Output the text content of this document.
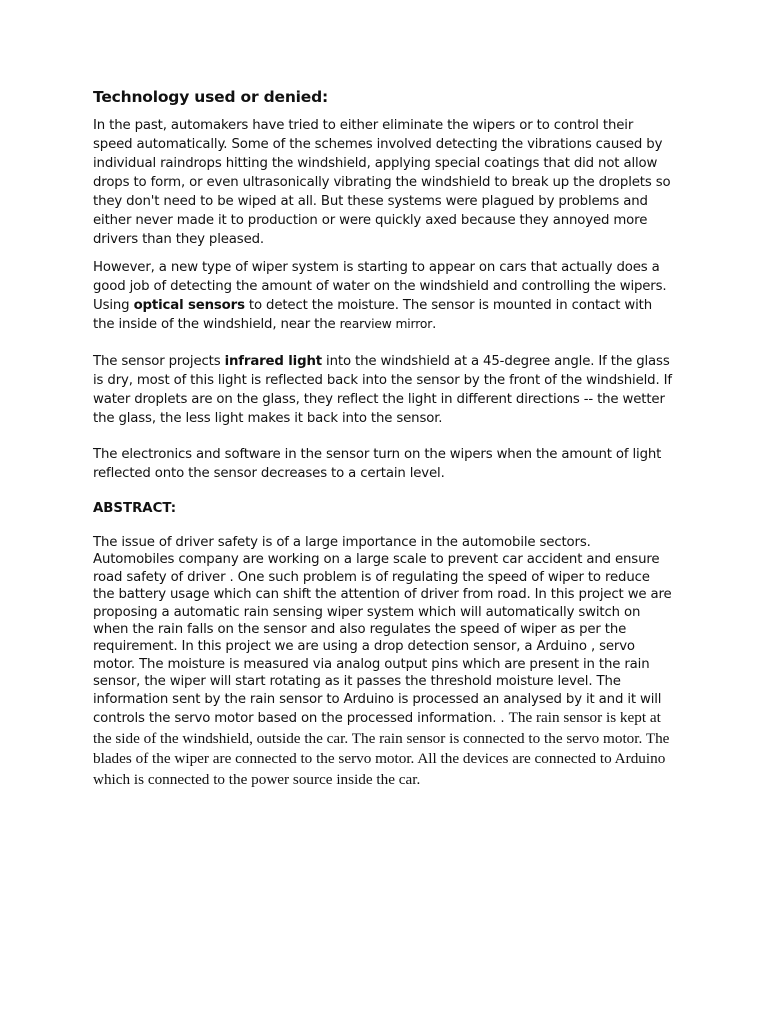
Technology used or denied:

In the past, automakers have tried to either eliminate the wipers or to control their speed automatically. Some of the schemes involved detecting the vibrations caused by individual raindrops hitting the windshield, applying special coatings that did not allow drops to form, or even ultrasonically vibrating the windshield to break up the droplets so they don't need to be wiped at all. But these systems were plagued by problems and either never made it to production or were quickly axed because they annoyed more drivers than they pleased.

However, a new type of wiper system is starting to appear on cars that actually does a good job of detecting the amount of water on the windshield and controlling the wipers. Using optical sensors to detect the moisture. The sensor is mounted in contact with the inside of the windshield, near the rearview mirror.

The sensor projects infrared light into the windshield at a 45-degree angle. If the glass is dry, most of this light is reflected back into the sensor by the front of the windshield. If water droplets are on the glass, they reflect the light in different directions -- the wetter the glass, the less light makes it back into the sensor.

The electronics and software in the sensor turn on the wipers when the amount of light reflected onto the sensor decreases to a certain level.

ABSTRACT:

The issue of driver safety is of a large importance in the automobile sectors. Automobiles company are working on a large scale to prevent car accident and ensure road safety of driver . One such problem is of regulating the speed of wiper to reduce the battery usage which can shift the attention of driver from road. In this project we are proposing a automatic rain sensing wiper system which will automatically switch on when the rain falls on the sensor and also regulates the speed of wiper as per the requirement. In this project we are using a drop detection sensor, a Arduino , servo motor. The moisture is measured via analog output pins which are present in the rain sensor, the wiper will start rotating as it passes the threshold moisture level. The information sent by the rain sensor to Arduino is processed an analysed by it and it will controls the servo motor based on the processed information. . The rain sensor is kept at the side of the windshield, outside the car. The rain sensor is connected to the servo motor. The blades of the wiper are connected to the servo motor. All the devices are connected to Arduino which is connected to the power source inside the car.
